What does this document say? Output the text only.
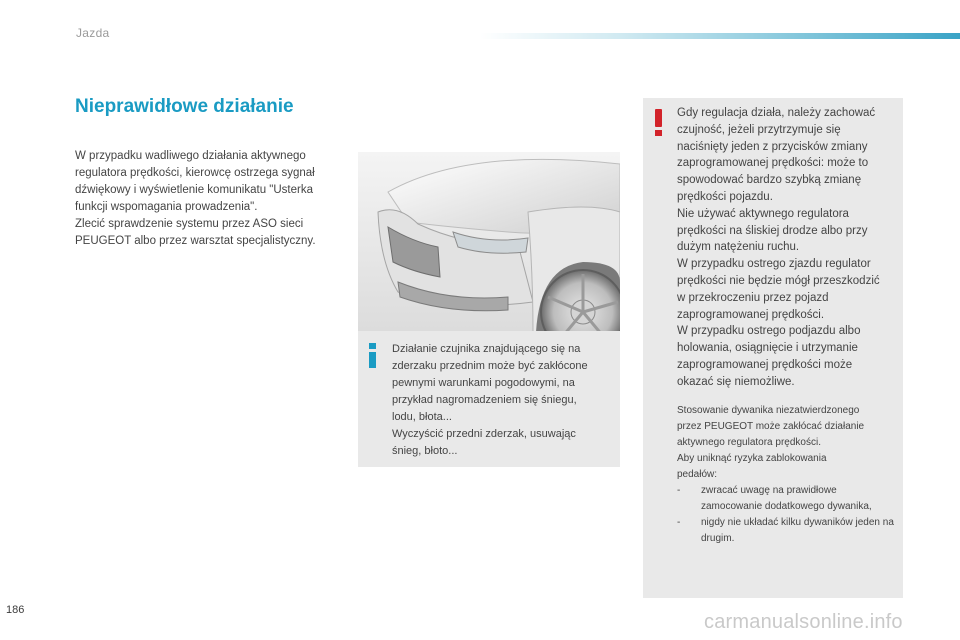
Jazda
Nieprawidłowe działanie
W przypadku wadliwego działania aktywnego
regulatora prędkości, kierowcę ostrzega sygnał
dźwiękowy i wyświetlenie komunikatu "Usterka
funkcji wspomagania prowadzenia".
Zlecić sprawdzenie systemu przez ASO sieci
PEUGEOT albo przez warsztat specjalistyczny.
Działanie czujnika znajdującego się na
zderzaku przednim może być zakłócone
pewnymi warunkami pogodowymi, na
przykład nagromadzeniem się śniegu,
lodu, błota...
Wyczyścić przedni zderzak, usuwając
śnieg, błoto...
Gdy regulacja działa, należy zachować
czujność, jeżeli przytrzymuje się
naciśnięty jeden z przycisków zmiany
zaprogramowanej prędkości: może to
spowodować bardzo szybką zmianę
prędkości pojazdu.
Nie używać aktywnego regulatora
prędkości na śliskiej drodze albo przy
dużym natężeniu ruchu.
W przypadku ostrego zjazdu regulator
prędkości nie będzie mógł przeszkodzić
w przekroczeniu przez pojazd
zaprogramowanej prędkości.
W przypadku ostrego podjazdu albo
holowania, osiągnięcie i utrzymanie
zaprogramowanej prędkości może
okazać się niemożliwe.
Stosowanie dywanika niezatwierdzonego
przez PEUGEOT może zakłócać działanie
aktywnego regulatora prędkości.
Aby uniknąć ryzyka zablokowania
pedałów:
- zwracać uwagę na prawidłowe zamocowanie dodatkowego dywanika,
- nigdy nie układać kilku dywaników jeden na drugim.
186
carmanualsonline.info
